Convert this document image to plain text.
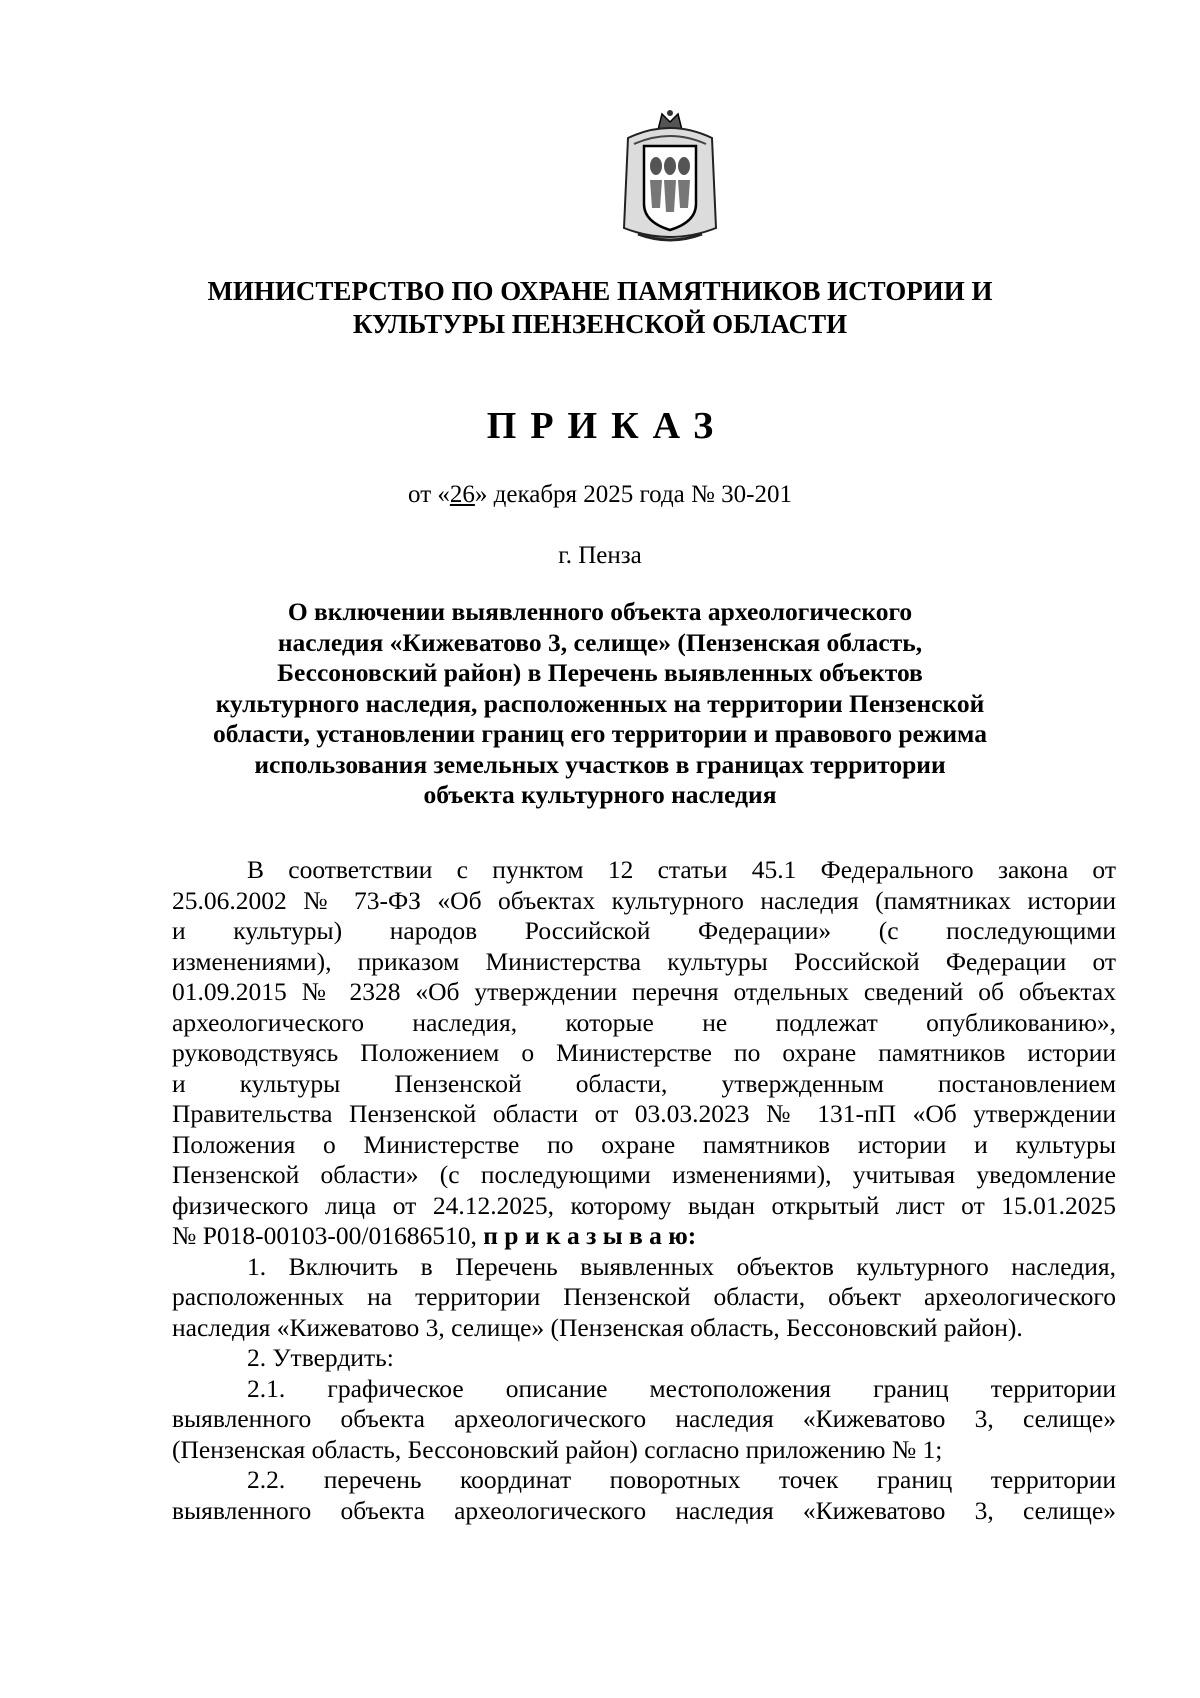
МИНИСТЕРСТВО ПО ОХРАНЕ ПАМЯТНИКОВ ИСТОРИИ И
КУЛЬТУРЫ ПЕНЗЕНСКОЙ ОБЛАСТИ
ПРИКАЗ
от «26» декабря 2025 года № 30-201
г. Пенза
О включении выявленного объекта археологического
наследия «Кижеватово 3, селище» (Пензенская область,
Бессоновский район) в Перечень выявленных объектов
культурного наследия, расположенных на территории Пензенской
области, установлении границ его территории и правового режима
использования земельных участков в границах территории
объекта культурного наследия
В соответствии с пунктом 12 статьи 45.1 Федерального закона от
25.06.2002 № 73-ФЗ «Об объектах культурного наследия (памятниках истории
и культуры) народов Российской Федерации» (с последующими
изменениями), приказом Министерства культуры Российской Федерации от
01.09.2015 № 2328 «Об утверждении перечня отдельных сведений об объектах
археологического наследия, которые не подлежат опубликованию»,
руководствуясь Положением о Министерстве по охране памятников истории
и культуры Пензенской области, утвержденным постановлением
Правительства Пензенской области от 03.03.2023 № 131-пП «Об утверждении
Положения о Министерстве по охране памятников истории и культуры
Пензенской области» (с последующими изменениями), учитывая уведомление
физического лица от 24.12.2025, которому выдан открытый лист от 15.01.2025
№ Р018-00103-00/01686510, п р и к а з ы в а ю:
1. Включить в Перечень выявленных объектов культурного наследия,
расположенных на территории Пензенской области, объект археологического
наследия «Кижеватово 3, селище» (Пензенская область, Бессоновский район).
2. Утвердить:
2.1. графическое описание местоположения границ территории
выявленного объекта археологического наследия «Кижеватово 3, селище»
(Пензенская область, Бессоновский район) согласно приложению № 1;
2.2. перечень координат поворотных точек границ территории
выявленного объекта археологического наследия «Кижеватово 3, селище»
